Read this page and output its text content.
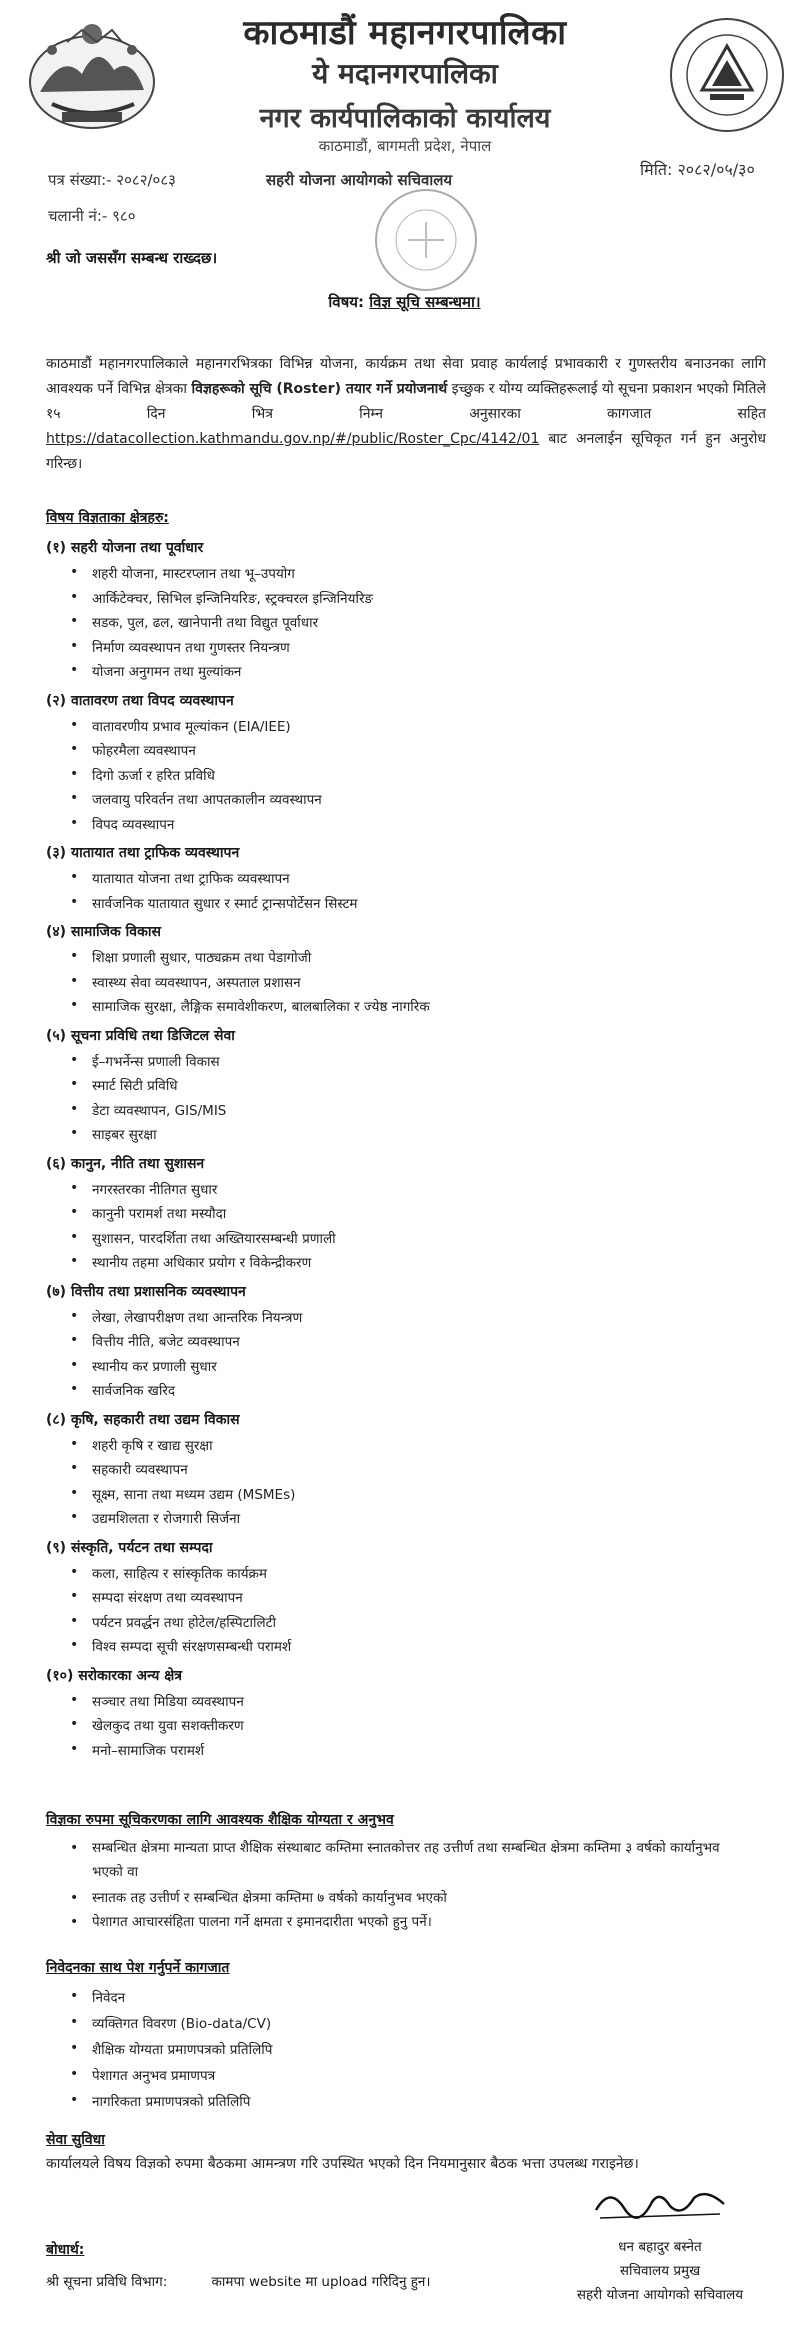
काठमाडौं महानगरपालिका
ये मदानगरपालिका
नगर कार्यपालिकाको कार्यालय
काठमाडौं, बागमती प्रदेश, नेपाल
पत्र संख्या:- २०८२/०८३	सहरी योजना आयोगको सचिवालय
मिति: २०८२/०५/३०
चलानी नं:- ९८०
श्री जो जससँग सम्बन्ध राख्दछ।
विषय: विज्ञ सूचि सम्बन्धमा।
काठमाडौं महानगरपालिकाले महानगरभित्रका विभिन्न योजना, कार्यक्रम तथा सेवा प्रवाह कार्यलाई प्रभावकारी र गुणस्तरीय बनाउनका लागि आवश्यक पर्ने विभिन्न क्षेत्रका विज्ञहरूको सूचि (Roster) तयार गर्ने प्रयोजनार्थ इच्छुक र योग्य व्यक्तिहरूलाई यो सूचना प्रकाशन भएको मितिले १५ दिन भित्र निम्न अनुसारका कागजात सहित https://datacollection.kathmandu.gov.np/#/public/Roster_Cpc/4142/01 बाट अनलाईन सूचिकृत गर्न हुन अनुरोध गरिन्छ।
विषय विज्ञताका क्षेत्रहरु:
(१) सहरी योजना तथा पूर्वाधार
• शहरी योजना, मास्टरप्लान तथा भू–उपयोग
• आर्किटेक्चर, सिभिल इन्जिनियरिङ, स्ट्रक्चरल इन्जिनियरिङ
• सडक, पुल, ढल, खानेपानी तथा विद्युत पूर्वाधार
• निर्माण व्यवस्थापन तथा गुणस्तर नियन्त्रण
• योजना अनुगमन तथा मुल्यांकन
(२) वातावरण तथा विपद व्यवस्थापन
• वातावरणीय प्रभाव मूल्यांकन (EIA/IEE)
• फोहरमैला व्यवस्थापन
• दिगो ऊर्जा र हरित प्रविधि
• जलवायु परिवर्तन तथा आपतकालीन व्यवस्थापन
• विपद व्यवस्थापन
(३) यातायात तथा ट्राफिक व्यवस्थापन
• यातायात योजना तथा ट्राफिक व्यवस्थापन
• सार्वजनिक यातायात सुधार र स्मार्ट ट्रान्सपोर्टेसन सिस्टम
(४) सामाजिक विकास
• शिक्षा प्रणाली सुधार, पाठ्यक्रम तथा पेडागोजी
• स्वास्थ्य सेवा व्यवस्थापन, अस्पताल प्रशासन
• सामाजिक सुरक्षा, लैङ्गिक समावेशीकरण, बालबालिका र ज्येष्ठ नागरिक
(५) सूचना प्रविधि तथा डिजिटल सेवा
• ई–गभर्नेन्स प्रणाली विकास
• स्मार्ट सिटी प्रविधि
• डेटा व्यवस्थापन, GIS/MIS
• साइबर सुरक्षा
(६) कानुन, नीति तथा सुशासन
• नगरस्तरका नीतिगत सुधार
• कानुनी परामर्श तथा मस्यौदा
• सुशासन, पारदर्शिता तथा अख्तियारसम्बन्धी प्रणाली
• स्थानीय तहमा अधिकार प्रयोग र विकेन्द्रीकरण
(७) वित्तीय तथा प्रशासनिक व्यवस्थापन
• लेखा, लेखापरीक्षण तथा आन्तरिक नियन्त्रण
• वित्तीय नीति, बजेट व्यवस्थापन
• स्थानीय कर प्रणाली सुधार
• सार्वजनिक खरिद
(८) कृषि, सहकारी तथा उद्यम विकास
• शहरी कृषि र खाद्य सुरक्षा
• सहकारी व्यवस्थापन
• सूक्ष्म, साना तथा मध्यम उद्यम (MSMEs)
• उद्यमशिलता र रोजगारी सिर्जना
(९) संस्कृति, पर्यटन तथा सम्पदा
• कला, साहित्य र सांस्कृतिक कार्यक्रम
• सम्पदा संरक्षण तथा व्यवस्थापन
• पर्यटन प्रवर्द्धन तथा होटेल/हस्पिटालिटी
• विश्व सम्पदा सूची संरक्षणसम्बन्धी परामर्श
(१०) सरोकारका अन्य क्षेत्र
• सञ्चार तथा मिडिया व्यवस्थापन
• खेलकुद तथा युवा सशक्तीकरण
• मनो–सामाजिक परामर्श
विज्ञका रुपमा सूचिकरणका लागि आवश्यक शैक्षिक योग्यता र अनुभव
• सम्बन्धित क्षेत्रमा मान्यता प्राप्त शैक्षिक संस्थाबाट कम्तिमा स्नातकोत्तर तह उत्तीर्ण तथा सम्बन्धित क्षेत्रमा कम्तिमा ३ वर्षको कार्यानुभव भएको वा
• स्नातक तह उत्तीर्ण र सम्बन्धित क्षेत्रमा कम्तिमा ७ वर्षको कार्यानुभव भएको
• पेशागत आचारसंहिता पालना गर्ने क्षमता र इमानदारीता भएको हुनु पर्ने।
निवेदनका साथ पेश गर्नुपर्ने कागजात
• निवेदन
• व्यक्तिगत विवरण (Bio-data/CV)
• शैक्षिक योग्यता प्रमाणपत्रको प्रतिलिपि
• पेशागत अनुभव प्रमाणपत्र
• नागरिकता प्रमाणपत्रको प्रतिलिपि
सेवा सुविधा
कार्यालयले विषय विज्ञको रुपमा बैठकमा आमन्त्रण गरि उपस्थित भएको दिन नियमानुसार बैठक भत्ता उपलब्ध गराइनेछ।
धन बहादुर बस्नेत
सचिवालय प्रमुख
सहरी योजना आयोगको सचिवालय
बोधार्थ:
श्री सूचना प्रविधि विभाग:	कामपा website मा upload गरिदिनु हुन।
